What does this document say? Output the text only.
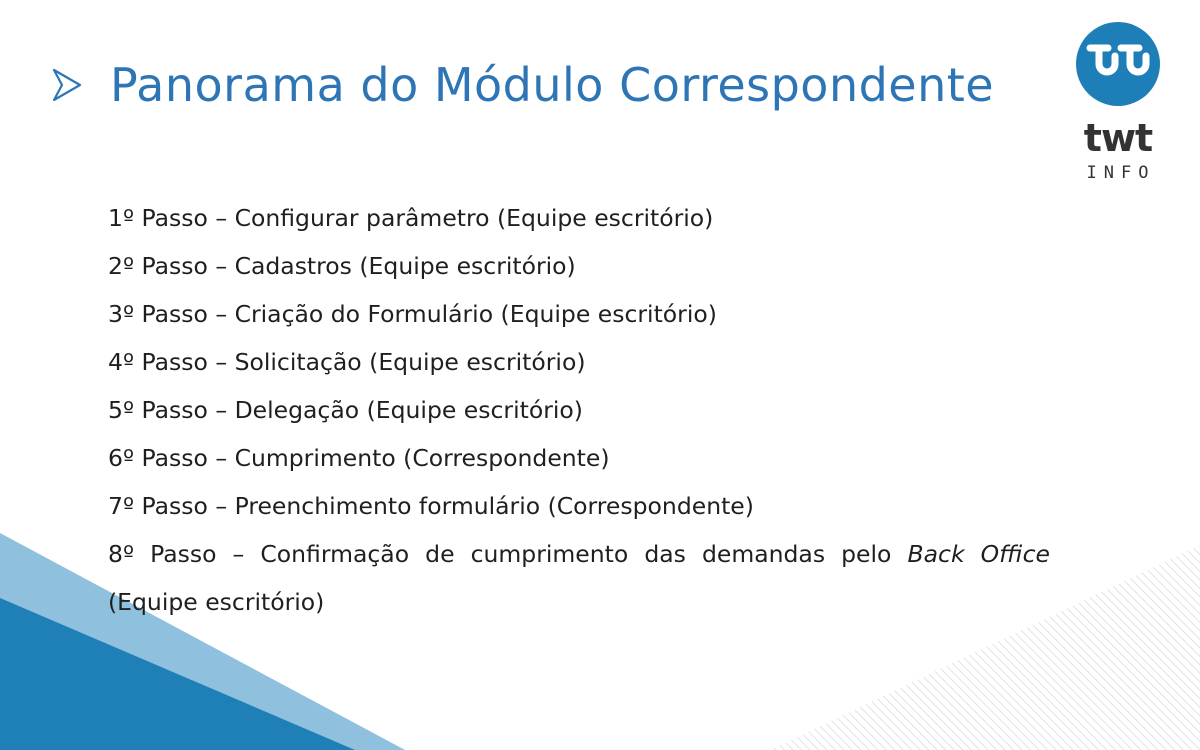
Panorama do Módulo Correspondente
twt
INFO
1º Passo – Configurar parâmetro (Equipe escritório)
2º Passo – Cadastros (Equipe escritório)
3º Passo – Criação do Formulário (Equipe escritório)
4º Passo – Solicitação (Equipe escritório)
5º Passo – Delegação (Equipe escritório)
6º Passo – Cumprimento (Correspondente)
7º Passo – Preenchimento formulário (Correspondente)
8º Passo – Confirmação de cumprimento das demandas pelo Back Office (Equipe escritório)
